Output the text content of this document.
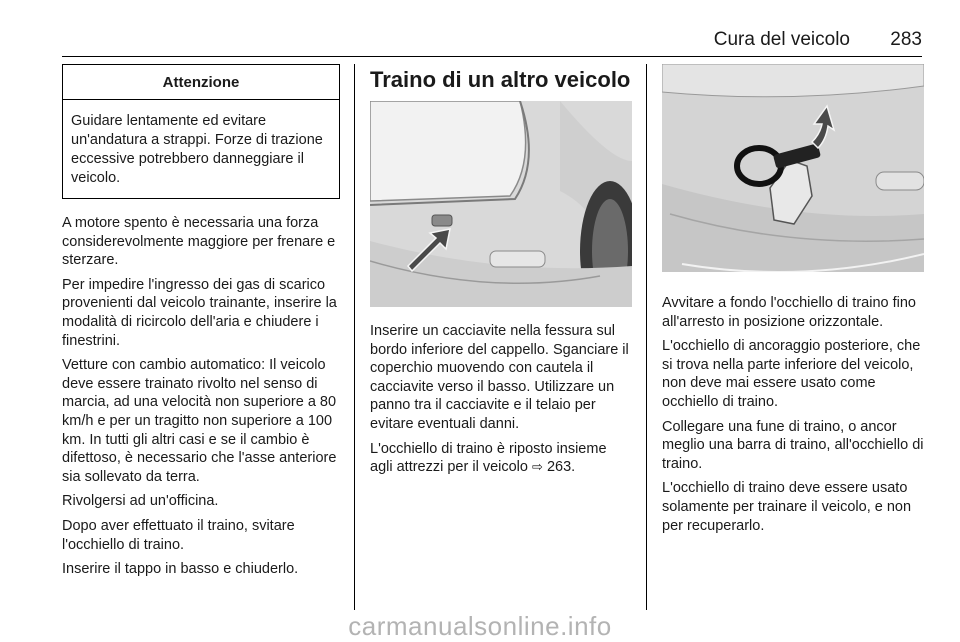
Cura del veicolo 283
Attenzione
Guidare lentamente ed evitare un'andatura a strappi. Forze di trazione eccessive potrebbero danneggiare il veicolo.

A motore spento è necessaria una forza considerevolmente maggiore per frenare e sterzare.

Per impedire l'ingresso dei gas di scarico provenienti dal veicolo trainante, inserire la modalità di ricircolo dell'aria e chiudere i finestrini.

Vetture con cambio automatico: Il veicolo deve essere trainato rivolto nel senso di marcia, ad una velocità non superiore a 80 km/h e per un tragitto non superiore a 100 km. In tutti gli altri casi e se il cambio è difettoso, è necessario che l'asse anteriore sia sollevato da terra.

Rivolgersi ad un'officina.

Dopo aver effettuato il traino, svitare l'occhiello di traino.

Inserire il tappo in basso e chiuderlo.

Traino di un altro veicolo

Inserire un cacciavite nella fessura sul bordo inferiore del cappello. Sganciare il coperchio muovendo con cautela il cacciavite verso il basso. Utilizzare un panno tra il cacciavite e il telaio per evitare eventuali danni.

L'occhiello di traino è riposto insieme agli attrezzi per il veicolo ⇨ 263.

Avvitare a fondo l'occhiello di traino fino all'arresto in posizione orizzontale.

L'occhiello di ancoraggio posteriore, che si trova nella parte inferiore del veicolo, non deve mai essere usato come occhiello di traino.

Collegare una fune di traino, o ancor meglio una barra di traino, all'occhiello di traino.

L'occhiello di traino deve essere usato solamente per trainare il veicolo, e non per recuperarlo.

carmanualsonline.info
